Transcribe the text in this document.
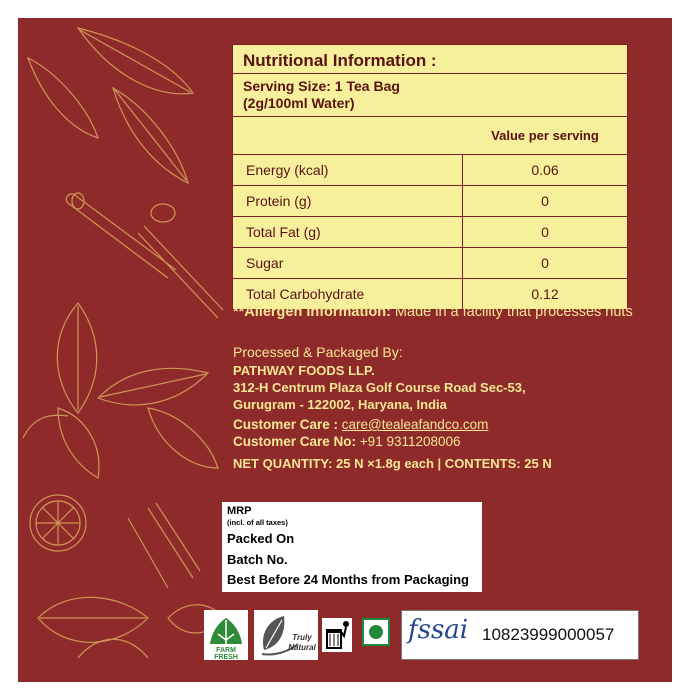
Nutritional Information :
Serving Size: 1 Tea Bag
(2g/100ml Water)
Value per serving
Energy (kcal)	0.06
Protein (g)	0
Total Fat (g)	0
Sugar	0
Total Carbohydrate	0.12
**Allergen Information: Made in a facility that processes nuts
Processed & Packaged By:
PATHWAY FOODS LLP.
312-H Centrum Plaza Golf Course Road Sec-53,
Gurugram - 122002, Haryana, India
Customer Care : care@tealeafandco.com
Customer Care No: +91 9311208006
NET QUANTITY: 25 N ×1.8g each | CONTENTS: 25 N
MRP
(incl. of all taxes)
Packed On
Batch No.
Best Before 24 Months from Packaging
FARM
FRESH
Truly
Natural
fssai 10823999000057
